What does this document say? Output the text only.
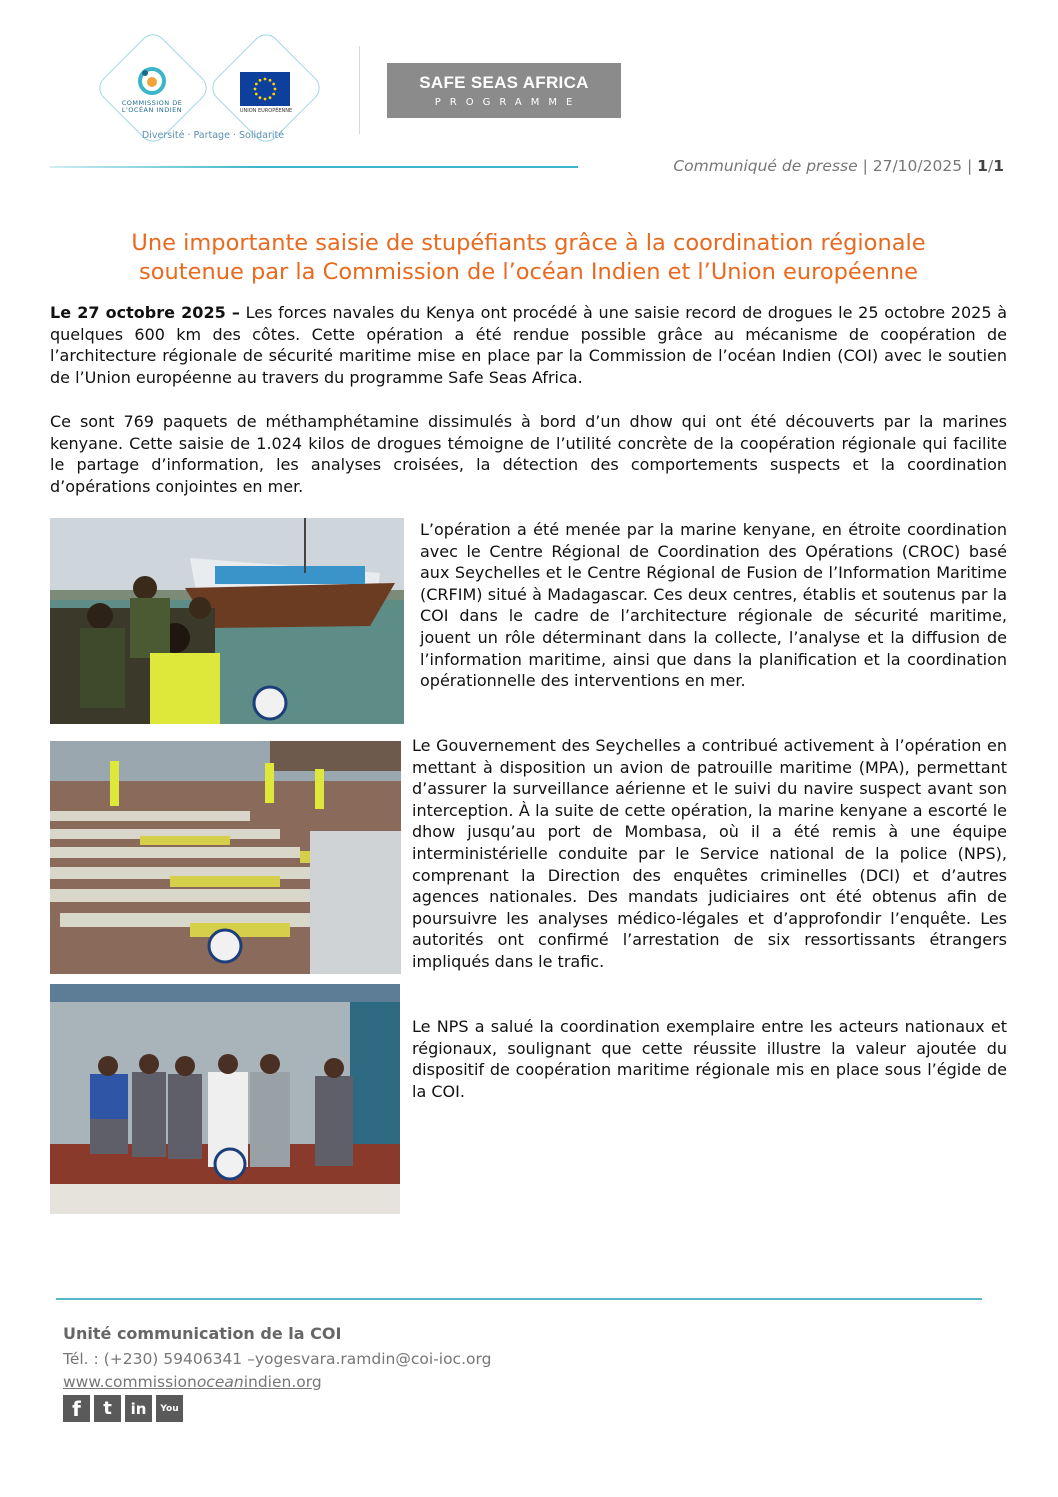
COMMISSION DE L'OCÉAN INDIEN	UNION EUROPÉENNE
Diversité · Partage · Solidarité
SAFE SEAS AFRICA
PROGRAMME
Communiqué de presse | 27/10/2025 | 1/1
Une importante saisie de stupéfiants grâce à la coordination régionale
soutenue par la Commission de l’océan Indien et l’Union européenne
Le 27 octobre 2025 – Les forces navales du Kenya ont procédé à une saisie record de drogues le 25 octobre 2025 à quelques 600 km des côtes. Cette opération a été rendue possible grâce au mécanisme de coopération de l’architecture régionale de sécurité maritime mise en place par la Commission de l’océan Indien (COI) avec le soutien de l’Union européenne au travers du programme Safe Seas Africa.
Ce sont 769 paquets de méthamphétamine dissimulés à bord d’un dhow qui ont été découverts par la marines kenyane. Cette saisie de 1.024 kilos de drogues témoigne de l’utilité concrète de la coopération régionale qui facilite le partage d’information, les analyses croisées, la détection des comportements suspects et la coordination d’opérations conjointes en mer.
L’opération a été menée par la marine kenyane, en étroite coordination avec le Centre Régional de Coordination des Opérations (CROC) basé aux Seychelles et le Centre Régional de Fusion de l’Information Maritime (CRFIM) situé à Madagascar. Ces deux centres, établis et soutenus par la COI dans le cadre de l’architecture régionale de sécurité maritime, jouent un rôle déterminant dans la collecte, l’analyse et la diffusion de l’information maritime, ainsi que dans la planification et la coordination opérationnelle des interventions en mer.
Le Gouvernement des Seychelles a contribué activement à l’opération en mettant à disposition un avion de patrouille maritime (MPA), permettant d’assurer la surveillance aérienne et le suivi du navire suspect avant son interception. À la suite de cette opération, la marine kenyane a escorté le dhow jusqu’au port de Mombasa, où il a été remis à une équipe interministérielle conduite par le Service national de la police (NPS), comprenant la Direction des enquêtes criminelles (DCI) et d’autres agences nationales. Des mandats judiciaires ont été obtenus afin de poursuivre les analyses médico-légales et d’approfondir l’enquête. Les autorités ont confirmé l’arrestation de six ressortissants étrangers impliqués dans le trafic.
Le NPS a salué la coordination exemplaire entre les acteurs nationaux et régionaux, soulignant que cette réussite illustre la valeur ajoutée du dispositif de coopération maritime régionale mis en place sous l’égide de la COI.
Unité communication de la COI
Tél. : (+230) 59406341 –yogesvara.ramdin@coi-ioc.org
www.commissionoceanindien.org
f	t	in	You
